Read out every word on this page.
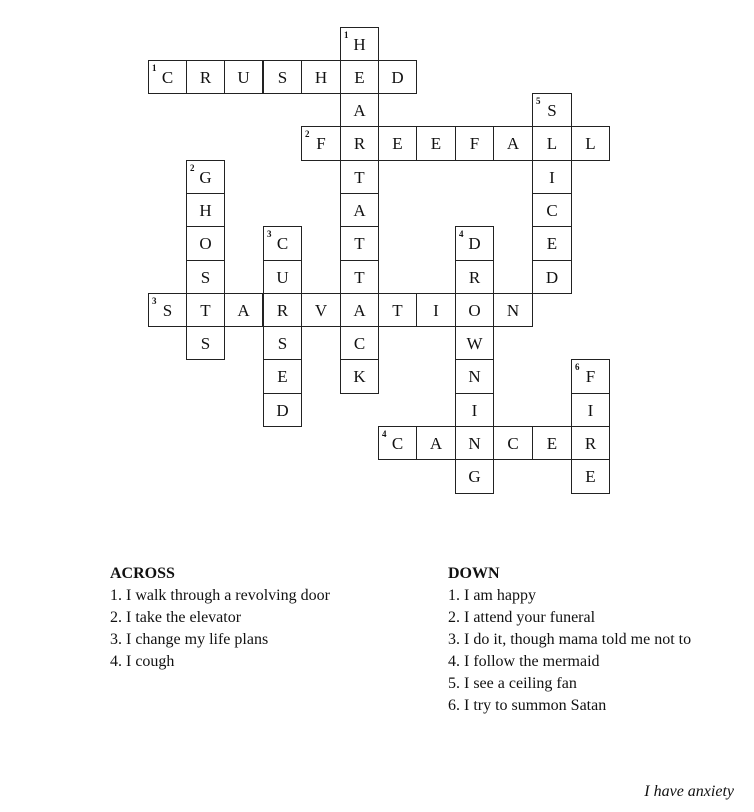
1 H
1 C R U S H E D
A	5 S
2 F R E E F A L L
2 G	T	I
H	A	C
O	3 C	T	4 D	E
S	U	T	R	D
3 S T A R V A T I O N
S	S	C	W
E	K	N	6 F
D	I	I
4 C A N C E R
G	E
ACROSS
1. I walk through a revolving door
2. I take the elevator
3. I change my life plans
4. I cough
DOWN
1. I am happy
2. I attend your funeral
3. I do it, though mama told me not to
4. I follow the mermaid
5. I see a ceiling fan
6. I try to summon Satan
I have anxiety
